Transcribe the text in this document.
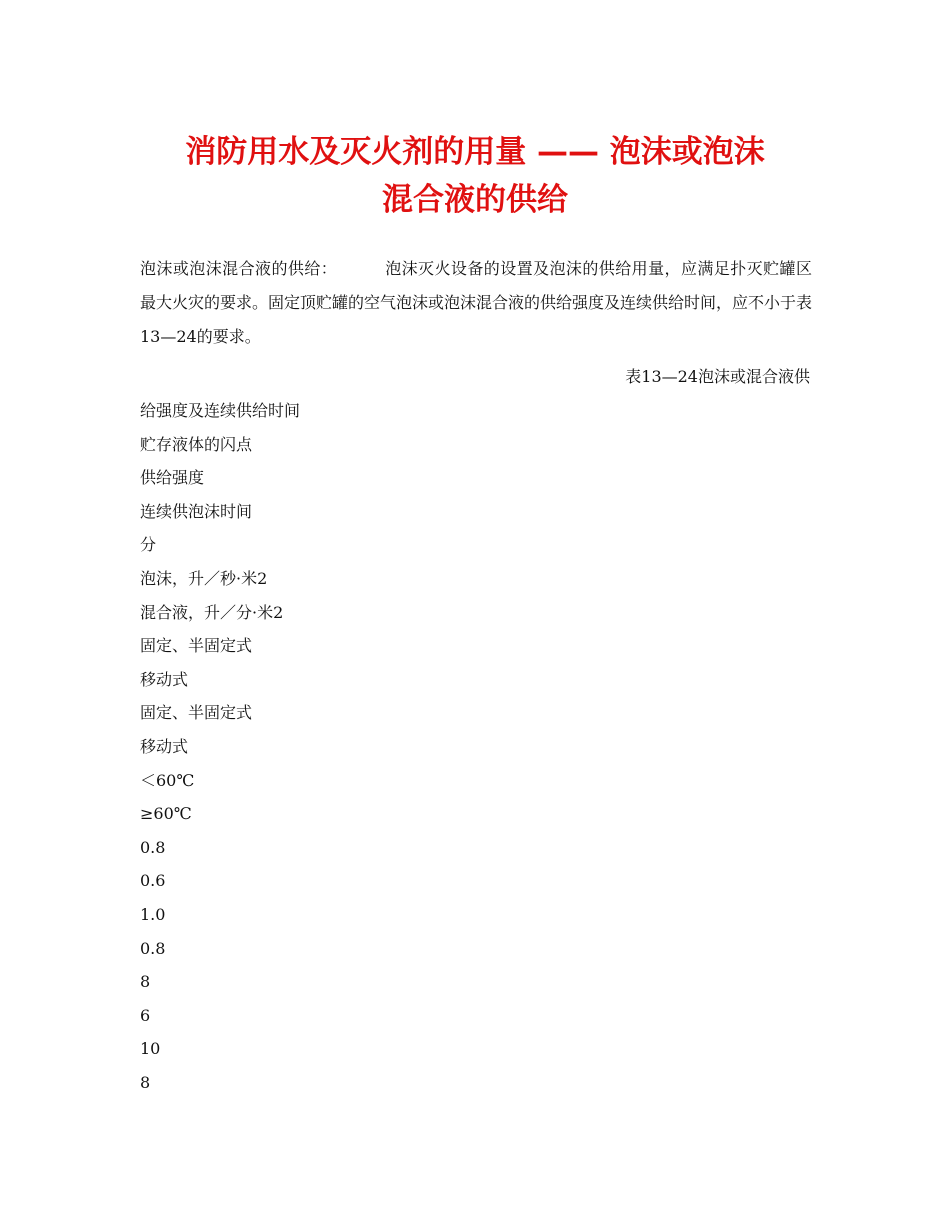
消防用水及灭火剂的用量 —— 泡沫或泡沫
混合液的供给

泡沫或泡沫混合液的供给：	泡沫灭火设备的设置及泡沫的供给用量，应满足扑灭贮罐区最大火灾的要求。固定顶贮罐的空气泡沫或泡沫混合液的供给强度及连续供给时间，应不小于表13—24的要求。

表13—24泡沫或混合液供
给强度及连续供给时间
贮存液体的闪点
供给强度
连续供泡沫时间
分
泡沫，升／秒·米2
混合液，升／分·米2
固定、半固定式
移动式
固定、半固定式
移动式
＜60℃
≥60℃
0.8
0.6
1.0
0.8
8
6
10
8
